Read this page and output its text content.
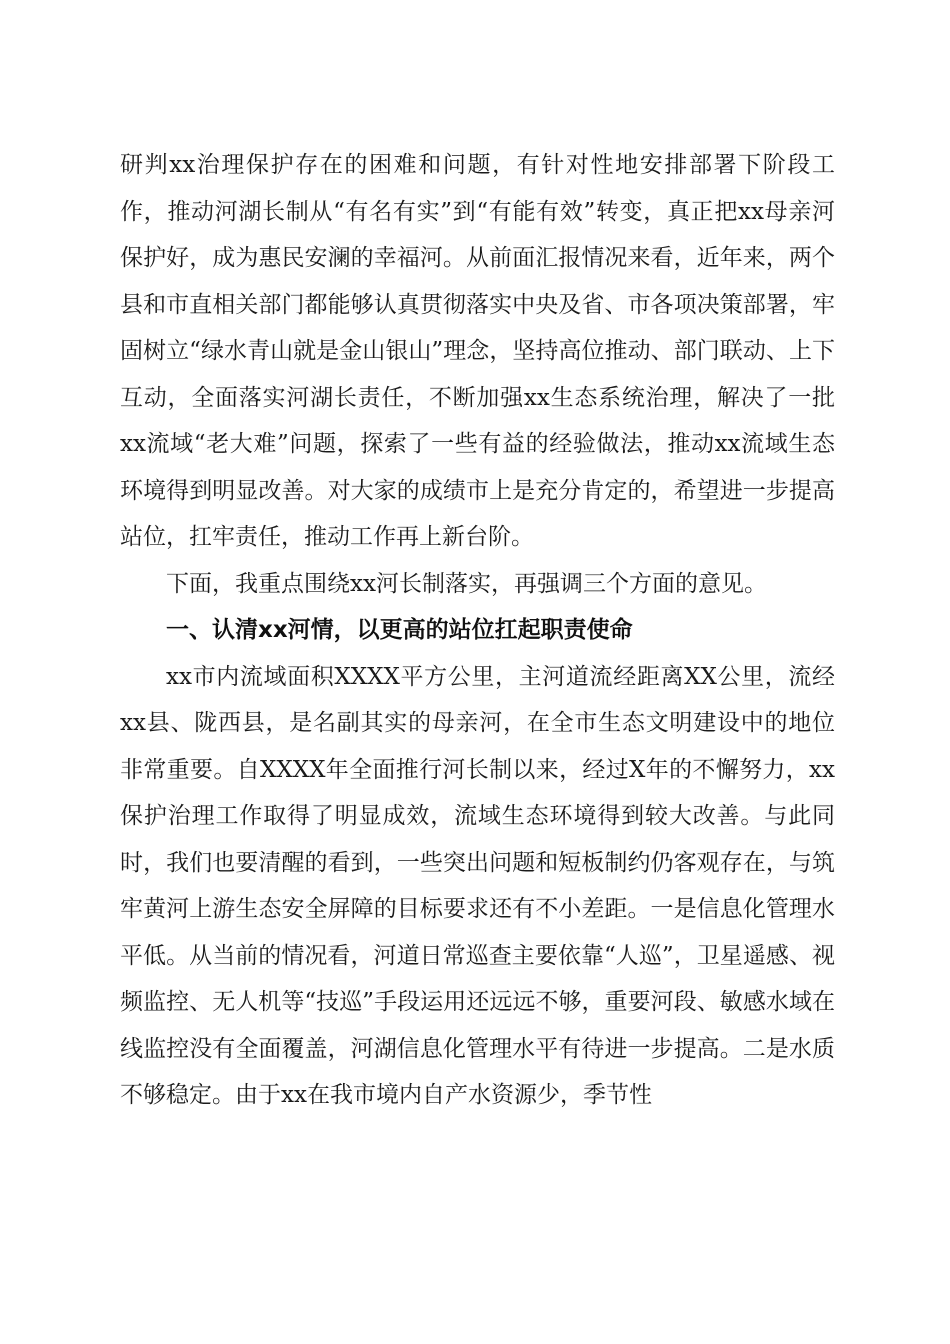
研判xx治理保护存在的困难和问题，有针对性地安排部署下阶段工作，推动河湖长制从“有名有实”到“有能有效”转变，真正把xx母亲河保护好，成为惠民安澜的幸福河。从前面汇报情况来看，近年来，两个县和市直相关部门都能够认真贯彻落实中央及省、市各项决策部署，牢固树立“绿水青山就是金山银山”理念，坚持高位推动、部门联动、上下互动，全面落实河湖长责任，不断加强xx生态系统治理，解决了一批xx流域“老大难”问题，探索了一些有益的经验做法，推动xx流域生态环境得到明显改善。对大家的成绩市上是充分肯定的，希望进一步提高站位，扛牢责任，推动工作再上新台阶。

下面，我重点围绕xx河长制落实，再强调三个方面的意见。

一、认清xx河情，以更高的站位扛起职责使命

xx市内流域面积XXXX平方公里，主河道流经距离XX公里，流经xx县、陇西县，是名副其实的母亲河，在全市生态文明建设中的地位非常重要。自XXXX年全面推行河长制以来，经过X年的不懈努力，xx保护治理工作取得了明显成效，流域生态环境得到较大改善。与此同时，我们也要清醒的看到，一些突出问题和短板制约仍客观存在，与筑牢黄河上游生态安全屏障的目标要求还有不小差距。一是信息化管理水平低。从当前的情况看，河道日常巡查主要依靠“人巡”，卫星遥感、视频监控、无人机等“技巡”手段运用还远远不够，重要河段、敏感水域在线监控没有全面覆盖，河湖信息化管理水平有待进一步提高。二是水质不够稳定。由于xx在我市境内自产水资源少，季节性
